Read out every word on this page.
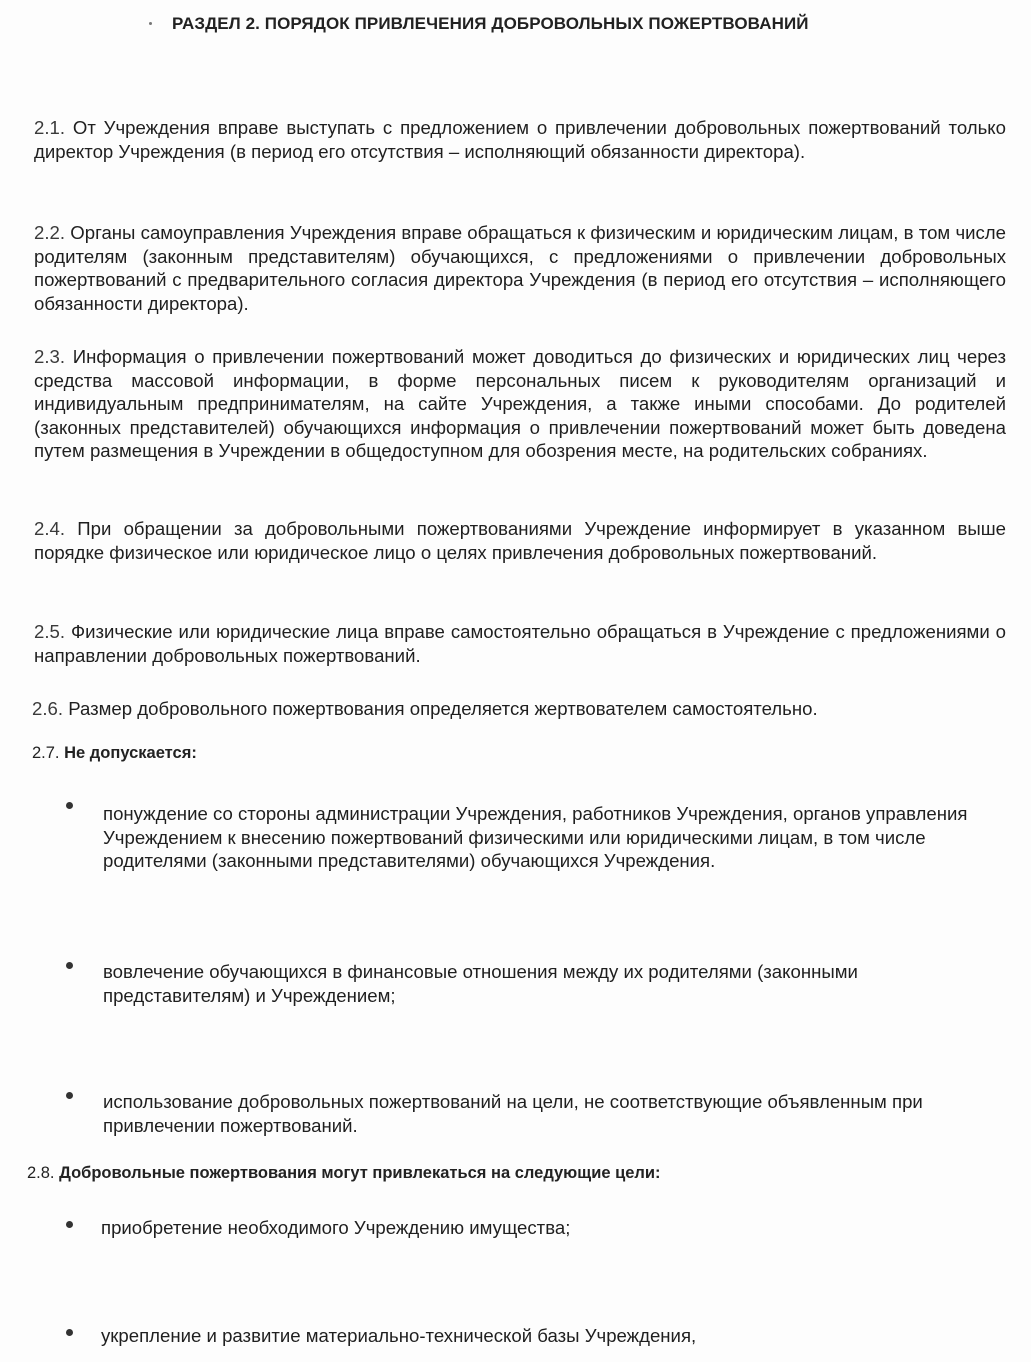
РАЗДЕЛ 2. ПОРЯДОК ПРИВЛЕЧЕНИЯ ДОБРОВОЛЬНЫХ ПОЖЕРТВОВАНИЙ
2.1. От Учреждения вправе выступать с предложением о привлечении добровольных пожертвований только директор Учреждения (в период его отсутствия – исполняющий обязанности директора).
2.2. Органы самоуправления Учреждения вправе обращаться к физическим и юридическим лицам, в том числе родителям (законным представителям) обучающихся, с предложениями о привлечении добровольных пожертвований с предварительного согласия директора Учреждения (в период его отсутствия – исполняющего обязанности директора).
2.3. Информация о привлечении пожертвований может доводиться до физических и юридических лиц через средства массовой информации, в форме персональных писем к руководителям организаций и индивидуальным предпринимателям, на сайте Учреждения, а также иными способами. До родителей (законных представителей) обучающихся информация о привлечении пожертвований может быть доведена путем размещения в Учреждении в общедоступном для обозрения месте, на родительских собраниях.
2.4. При обращении за добровольными пожертвованиями Учреждение информирует в указанном выше порядке физическое или юридическое лицо о целях привлечения добровольных пожертвований.
2.5. Физические или юридические лица вправе самостоятельно обращаться в Учреждение с предложениями о направлении добровольных пожертвований.
2.6. Размер добровольного пожертвования определяется жертвователем самостоятельно.
2.7. Не допускается:
понуждение со стороны администрации Учреждения, работников Учреждения, органов управления Учреждением к внесению пожертвований физическими или юридическими лицам, в том числе родителями (законными представителями) обучающихся Учреждения.
вовлечение обучающихся в финансовые отношения между их родителями (законными представителям) и Учреждением;
использование добровольных пожертвований на цели, не соответствующие объявленным при привлечении пожертвований.
2.8. Добровольные пожертвования могут привлекаться на следующие цели:
приобретение необходимого Учреждению имущества;
укрепление и развитие материально-технической базы Учреждения,
